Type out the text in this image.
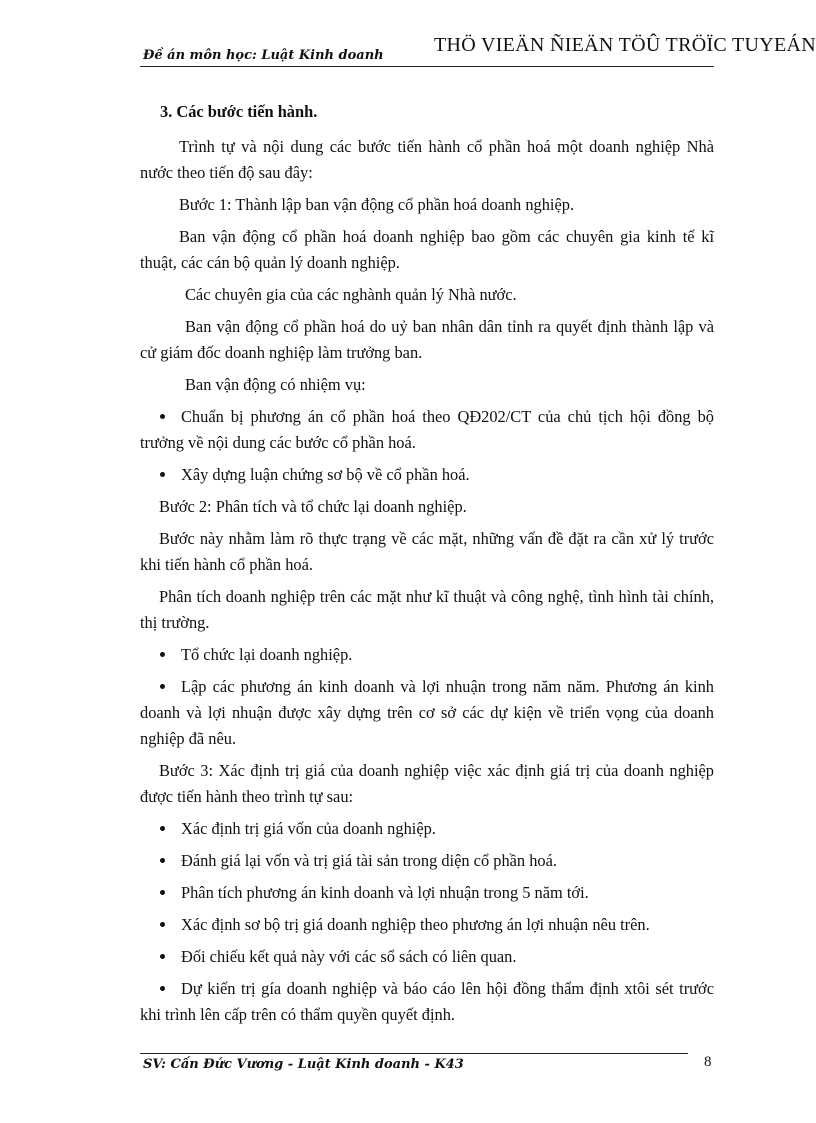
Đề án môn học: Luật Kinh doanh	THÖ VIEÄN ÑIEÄN TÖÛ TRÖÏC TUYEÁN
3. Các bước tiến hành.
Trình tự và nội dung các bước tiến hành cổ phần hoá một doanh nghiệp Nhà nước theo tiến độ sau đây:
Bước 1: Thành lập ban vận động cổ phần hoá doanh nghiệp.
Ban vận động cổ phần hoá doanh nghiệp bao gồm các chuyên gia kinh tế kĩ thuật, các cán bộ quản lý doanh nghiệp.
Các chuyên gia của các nghành quản lý Nhà nước.
Ban vận động cổ phần hoá do uỷ ban nhân dân tỉnh ra quyết định thành lập và cử giám đốc doanh nghiệp làm trưởng ban.
Ban vận động có nhiệm vụ:
Chuẩn bị phương án cổ phần hoá theo QĐ202/CT của chủ tịch hội đồng bộ trưởng về nội dung các bước cổ phần hoá.
Xây dựng luận chứng sơ bộ về cổ phần hoá.
Bước 2: Phân tích và tổ chức lại doanh nghiệp.
Bước này nhằm làm rõ thực trạng về các mặt, những vấn đề đặt ra cần xử lý trước khi tiến hành cổ phần hoá.
Phân tích doanh nghiệp trên các mặt như kĩ thuật và công nghệ, tình hình tài chính, thị trường.
Tổ chức lại doanh nghiệp.
Lập các phương án kinh doanh và lợi nhuận trong năm năm. Phương án kinh doanh và lợi nhuận được xây dựng trên cơ sở các dự kiện về triển vọng của doanh nghiệp đã nêu.
Bước 3: Xác định trị giá của doanh nghiệp việc xác định giá trị của doanh nghiệp được tiến hành theo trình tự sau:
Xác định trị giá vốn của doanh nghiệp.
Đánh giá lại vốn và trị giá tài sản trong diện cổ phần hoá.
Phân tích phương án kinh doanh và lợi nhuận trong 5 năm tới.
Xác định sơ bộ trị giá doanh nghiệp theo phương án lợi nhuận nêu trên.
Đối chiếu kết quả này với các sổ sách có liên quan.
Dự kiến trị gía doanh nghiệp và báo cáo lên hội đồng thẩm định xtôi sét trước khi trình lên cấp trên có thẩm quyền quyết định.
SV: Cấn Đức Vương - Luật Kinh doanh - K43	8
